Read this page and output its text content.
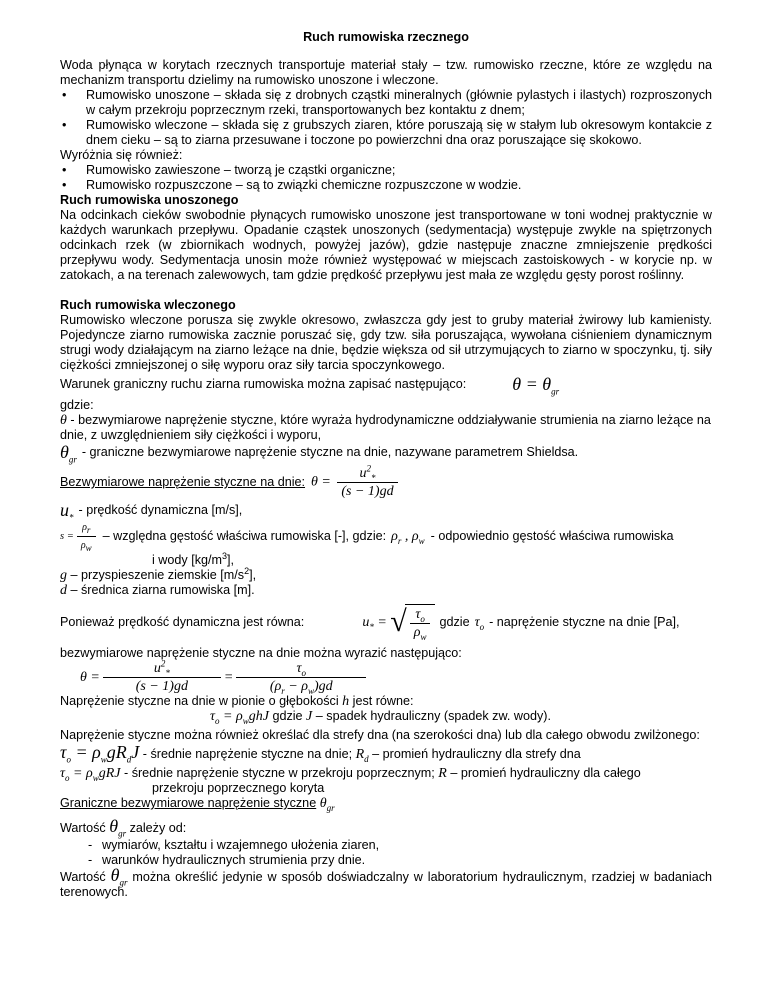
Ruch rumowiska rzecznego

Woda płynąca w korytach rzecznych transportuje materiał stały – tzw. rumowisko rzeczne, które ze względu na mechanizm transportu dzielimy na rumowisko unoszone i wleczone.

• Rumowisko unoszone – składa się z drobnych cząstki mineralnych (głównie pylastych i ilastych) rozproszonych w całym przekroju poprzecznym rzeki, transportowanych bez kontaktu z dnem;
• Rumowisko wleczone – składa się z grubszych ziaren, które poruszają się w stałym lub okresowym kontakcie z dnem cieku – są to ziarna przesuwane i toczone po powierzchni dna oraz poruszające się skokowo.

Wyróżnia się również:

• Rumowisko zawieszone – tworzą je cząstki organiczne;
• Rumowisko rozpuszczone – są to związki chemiczne rozpuszczone w wodzie.

Ruch rumowiska unoszonego

Na odcinkach cieków swobodnie płynących rumowisko unoszone jest transportowane w toni wodnej praktycznie w każdych warunkach przepływu. Opadanie cząstek unoszonych (sedymentacja) występuje zwykle na spiętrzonych odcinkach rzek (w zbiornikach wodnych, powyżej jazów), gdzie następuje znaczne zmniejszenie prędkości przepływu wody. Sedymentacja unosin może również występować w miejscach zastoiskowych - w korycie np. w zatokach, a na terenach zalewowych, tam gdzie prędkość przepływu jest mała ze względu gęsty porost roślinny.

Ruch rumowiska wleczonego

Rumowisko wleczone porusza się zwykle okresowo, zwłaszcza gdy jest to gruby materiał żwirowy lub kamienisty. Pojedyncze ziarno rumowiska zacznie poruszać się, gdy tzw. siła poruszająca, wywołana ciśnieniem dynamicznym strugi wody działającym na ziarno leżące na dnie, będzie większa od sił utrzymujących to ziarno w spoczynku, tj. siły ciężkości zmniejszonej o siłę wyporu oraz siły tarcia spoczynkowego.

Warunek graniczny ruchu ziarna rumowiska można zapisać następująco:	$\theta = \theta_{gr}$

gdzie:

θ - bezwymiarowe naprężenie styczne, które wyraża hydrodynamiczne oddziaływanie strumienia na ziarno leżące na dnie, z uwzględnieniem siły ciężkości i wyporu,
$\theta_{gr}$
- graniczne bezwymiarowe naprężenie styczne na dnie, nazywane parametrem Shieldsa.
Bezwymiarowe naprężenie styczne na dnie: $\theta = \frac{u^2_*}{(s - 1)gd}$
$u_*$
- prędkość dynamiczna [m/s],
s
= $\frac{\rho_r}{\rho_w}$ – względna gęstość właściwa rumowiska [-], gdzie: $\rho_r$ , $\rho_w$ - odpowiednio gęstość właściwa rumowiska

i wody $[kg/m^3]$,

g – przyspieszenie ziemskie $[m/s^2]$,

d – średnica ziarna rumowiska [m].

Ponieważ prędkość dynamiczna jest równa:	$u_*$
=
√ $\frac{\tau_o}{\rho_w}$ gdzie $\tau_o$ - naprężenie styczne na dnie [Pa],

bezwymiarowe naprężenie styczne na dnie można wyrazić następująco:

θ
= $\frac{u^2_*}{(s - 1)gd} = \frac{\tau_o}{(\rho_r - \rho_w)gd}$

Naprężenie styczne na dnie w pionie o głębokości h jest równe:

$\tau_o = \rho_wghJ$ gdzie J – spadek hydrauliczny (spadek zw. wody).

Naprężenie styczne można również określać dla strefy dna (na szerokości dna) lub dla całego obwodu zwilżonego:

$\tau_o = \rho_wgR_dJ$ - średnie naprężenie styczne na dnie; $R_d$ – promień hydrauliczny dla strefy dna

$\tau_o = \rho_wgRJ$ - średnie naprężenie styczne w przekroju poprzecznym; R – promień hydrauliczny dla całego

przekroju poprzecznego koryta

Graniczne bezwymiarowe naprężenie styczne $\theta_{gr}$

Wartość $\theta_{gr}$ zależy od:

- wymiarów, kształtu i wzajemnego ułożenia ziaren,
- warunków hydraulicznych strumienia przy dnie.

Wartość $\theta_{gr}$ można określić jedynie w sposób doświadczalny w laboratorium hydraulicznym, rzadziej w badaniach terenowych.
